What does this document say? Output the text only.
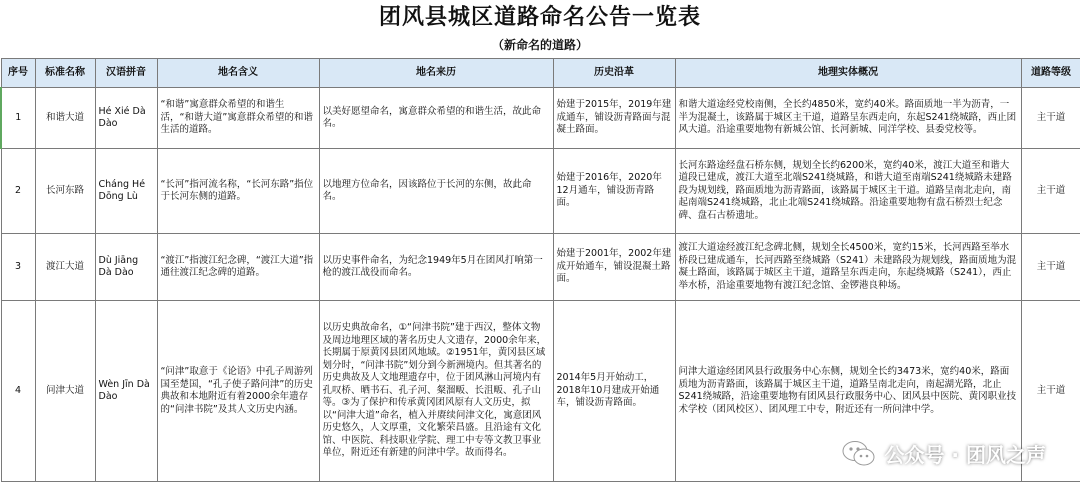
团风县城区道路命名公告一览表
（新命名的道路）
序号	标准名称	汉语拼音	地名含义	地名来历	历史沿革	地理实体概况	道路等级
1	和谐大道	Hé Xié Dà Dào	“和谐”寓意群众希望的和谐生活，“和谐大道”寓意群众希望的和谐生活的道路。	以美好愿望命名，寓意群众希望的和谐生活，故此命名。	始建于2015年，2019年建成通车，铺设沥青路面与混凝土路面。	和谐大道途经党校南侧，全长约4850米，宽约40米。路面质地一半为沥青，一半为混凝土，该路属于城区主干道，道路呈东西走向，东起S241绕城路，西止团风大道。沿途重要地物有新城公馆、长河新城、同洋学校、县委党校等。	主干道
2	长河东路	Cháng Hé Dōng Lù	“长河”指河流名称，“长河东路”指位于长河东侧的道路。	以地理方位命名，因该路位于长河的东侧，故此命名。	始建于2016年，2020年12月通车，铺设沥青路面。	长河东路途经盘石桥东侧，规划全长约6200米，宽约40米，渡江大道至和谐大道段已建成，渡江大道至北端S241绕城路，和谐大道至南端S241绕城路未建路段为规划线，路面质地为沥青路面，该路属于城区主干道。道路呈南北走向，南起南端S241绕城路，北止北端S241绕城路。沿途重要地物有盘石桥烈士纪念碑、盘石古桥遗址。	主干道
3	渡江大道	Dù Jiāng Dà Dào	“渡江”指渡江纪念碑，“渡江大道”指通往渡江纪念碑的道路。	以历史事件命名，为纪念1949年5月在团风打响第一枪的渡江战役而命名。	始建于2001年，2002年建成开始通车，铺设混凝土路面。	渡江大道途经渡江纪念碑北侧，规划全长4500米，宽约15米，长河西路至举水桥段已建成通车，长河西路至绕城路（S241）未建路段为规划线，路面质地为混凝土路面，该路属于城区主干道，道路呈东西走向，东起绕城路（S241），西止举水桥，沿途重要地物有渡江纪念馆、金锣港良种场。	主干道
4	问津大道	Wèn Jīn Dà Dào	“问津”取意于《论语》中孔子周游列国至楚国，“孔子使子路问津”的历史典故和本地附近有着2000余年遗存的“问津书院”及其人文历史内涵。	以历史典故命名，①“问津书院”建于西汉，整体文物及周边地理区域的著名历史人文遗存，2000余年来，长期属于原黄冈县团风地域。②1951年，黄冈县区域划分时，“问津书院”划分到今新洲境内。但其著名的历史典故及人文地理遗存中，位于团风淋山河境内有孔叹桥、晒书石、孔子河、粲溜畈、长沮畈、孔子山等。③为了保护和传承黄冈团风原有人文历史，拟以“问津大道”命名，植入并赓续问津文化，寓意团风历史悠久，人文厚重，文化繁荣昌盛。且沿途有文化馆、中医院、科技职业学院、理工中专等文教卫事业单位，附近还有新建的问津中学。故而得名。	2014年5月开始动工，2018年10月建成开始通车，铺设沥青路面。	问津大道途经团风县行政服务中心东侧，规划全长约3473米，宽约40米，路面质地为沥青路面，该路属于城区主干道，道路呈南北走向，南起湖光路，北止S241绕城路，沿途重要地物有团风县行政服务中心、团风县中医院、黄冈职业技术学校（团风校区）、团风理工中专，附近还有一所问津中学。	主干道
公众号 · 团风之声
